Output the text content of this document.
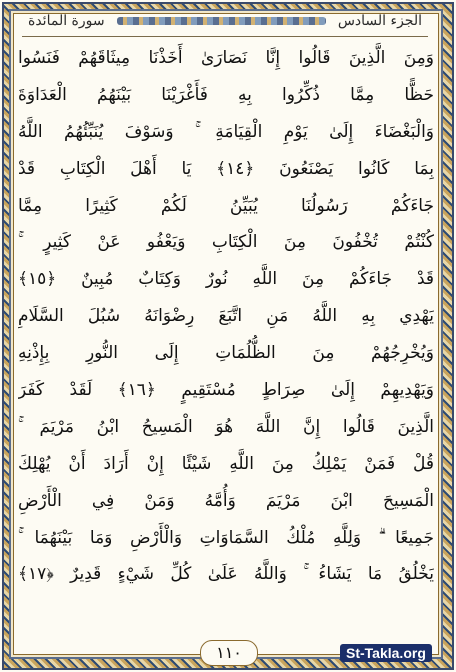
سورة المائدة	الجزء السادس
وَمِنَ الَّذِينَ قَالُوا إِنَّا نَصَارَىٰ أَخَذْنَا مِيثَاقَهُمْ فَنَسُوا
حَظًّا مِمَّا ذُكِّرُوا بِهِ فَأَغْرَيْنَا بَيْنَهُمُ الْعَدَاوَةَ
وَالْبَغْضَاءَ إِلَىٰ يَوْمِ الْقِيَامَةِ ۚ وَسَوْفَ يُنَبِّئُهُمُ اللَّهُ
بِمَا كَانُوا يَصْنَعُونَ ﴿١٤﴾ يَا أَهْلَ الْكِتَابِ قَدْ
جَاءَكُمْ رَسُولُنَا يُبَيِّنُ لَكُمْ كَثِيرًا مِمَّا
كُنْتُمْ تُخْفُونَ مِنَ الْكِتَابِ وَيَعْفُو عَنْ كَثِيرٍ ۚ
قَدْ جَاءَكُمْ مِنَ اللَّهِ نُورٌ وَكِتَابٌ مُبِينٌ ﴿١٥﴾
يَهْدِي بِهِ اللَّهُ مَنِ اتَّبَعَ رِضْوَانَهُ سُبُلَ السَّلَامِ
وَيُخْرِجُهُمْ مِنَ الظُّلُمَاتِ إِلَى النُّورِ بِإِذْنِهِ
وَيَهْدِيهِمْ إِلَىٰ صِرَاطٍ مُسْتَقِيمٍ ﴿١٦﴾ لَقَدْ كَفَرَ
الَّذِينَ قَالُوا إِنَّ اللَّهَ هُوَ الْمَسِيحُ ابْنُ مَرْيَمَ ۚ
قُلْ فَمَنْ يَمْلِكُ مِنَ اللَّهِ شَيْئًا إِنْ أَرَادَ أَنْ يُهْلِكَ
الْمَسِيحَ ابْنَ مَرْيَمَ وَأُمَّهُ وَمَنْ فِي الْأَرْضِ
جَمِيعًا ۗ وَلِلَّهِ مُلْكُ السَّمَاوَاتِ وَالْأَرْضِ وَمَا بَيْنَهُمَا ۚ
يَخْلُقُ مَا يَشَاءُ ۚ وَاللَّهُ عَلَىٰ كُلِّ شَيْءٍ قَدِيرٌ ﴿١٧﴾
١١٠	St-Takla.org
